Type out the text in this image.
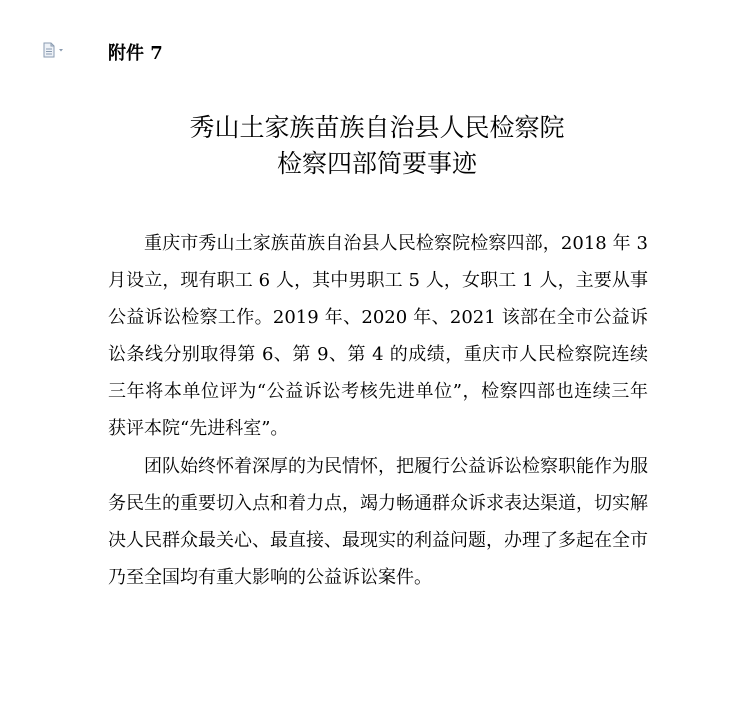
附件 7
秀山土家族苗族自治县人民检察院
检察四部简要事迹

重庆市秀山土家族苗族自治县人民检察院检察四部，2018 年 3 月设立，现有职工 6 人，其中男职工 5 人，女职工 1 人，主要从事公益诉讼检察工作。2019 年、2020 年、2021 该部在全市公益诉讼条线分别取得第 6、第 9、第 4 的成绩，重庆市人民检察院连续三年将本单位评为“公益诉讼考核先进单位”，检察四部也连续三年获评本院“先进科室”。

团队始终怀着深厚的为民情怀，把履行公益诉讼检察职能作为服务民生的重要切入点和着力点，竭力畅通群众诉求表达渠道，切实解决人民群众最关心、最直接、最现实的利益问题，办理了多起在全市乃至全国均有重大影响的公益诉讼案件。
